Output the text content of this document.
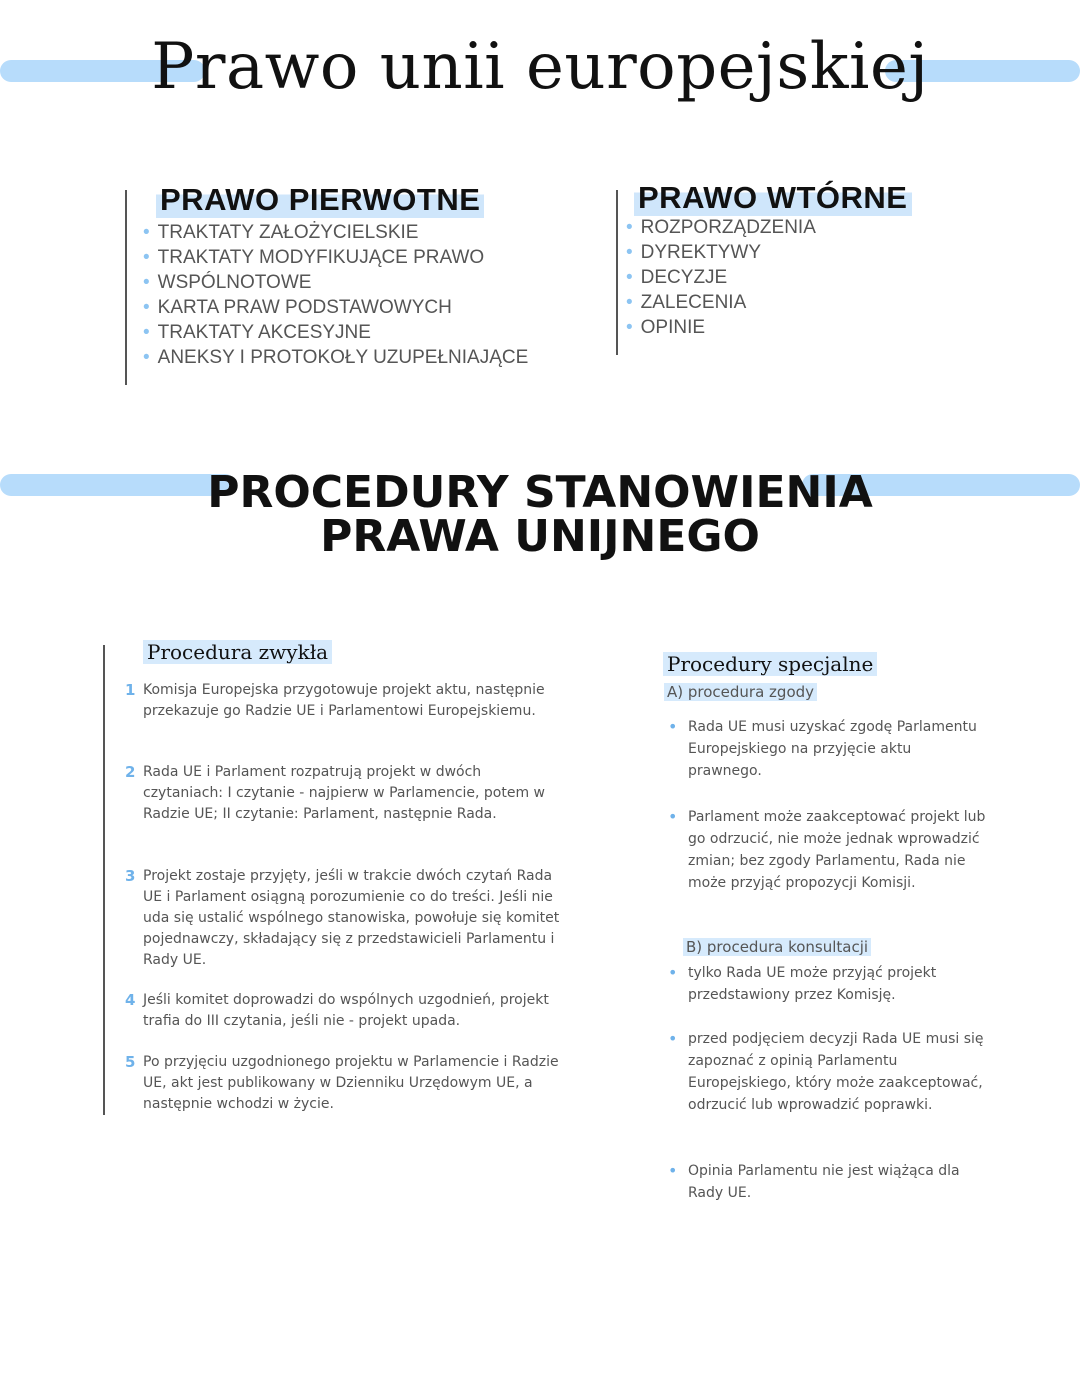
Prawo unii europejskiej
PRAWO PIERWOTNE
• TRAKTATY ZAŁOŻYCIELSKIE
• TRAKTATY MODYFIKUJĄCE PRAWO
• WSPÓLNOTOWE
• KARTA PRAW PODSTAWOWYCH
• TRAKTATY AKCESYJNE
• ANEKSY I PROTOKOŁY UZUPEŁNIAJĄCE
PRAWO WTÓRNE
• ROZPORZĄDZENIA
• DYREKTYWY
• DECYZJE
• ZALECENIA
• OPINIE
PROCEDURY STANOWIENIA
PRAWA UNIJNEGO
Procedura zwykła
1 Komisja Europejska przygotowuje projekt aktu, następnie przekazuje go Radzie UE i Parlamentowi Europejskiemu.
2 Rada UE i Parlament rozpatrują projekt w dwóch czytaniach: I czytanie - najpierw w Parlamencie, potem w Radzie UE; II czytanie: Parlament, następnie Rada.
3 Projekt zostaje przyjęty, jeśli w trakcie dwóch czytań Rada UE i Parlament osiągną porozumienie co do treści. Jeśli nie uda się ustalić wspólnego stanowiska, powołuje się komitet pojednawczy, składający się z przedstawicieli Parlamentu i Rady UE.
4 Jeśli komitet doprowadzi do wspólnych uzgodnień, projekt trafia do III czytania, jeśli nie - projekt upada.
5 Po przyjęciu uzgodnionego projektu w Parlamencie i Radzie UE, akt jest publikowany w Dzienniku Urzędowym UE, a następnie wchodzi w życie.
Procedury specjalne
A) procedura zgody
• Rada UE musi uzyskać zgodę Parlamentu Europejskiego na przyjęcie aktu prawnego.
• Parlament może zaakceptować projekt lub go odrzucić, nie może jednak wprowadzić zmian; bez zgody Parlamentu, Rada nie może przyjąć propozycji Komisji.
B) procedura konsultacji
• tylko Rada UE może przyjąć projekt przedstawiony przez Komisję.
• przed podjęciem decyzji Rada UE musi się zapoznać z opinią Parlamentu Europejskiego, który może zaakceptować, odrzucić lub wprowadzić poprawki.
• Opinia Parlamentu nie jest wiążąca dla Rady UE.
